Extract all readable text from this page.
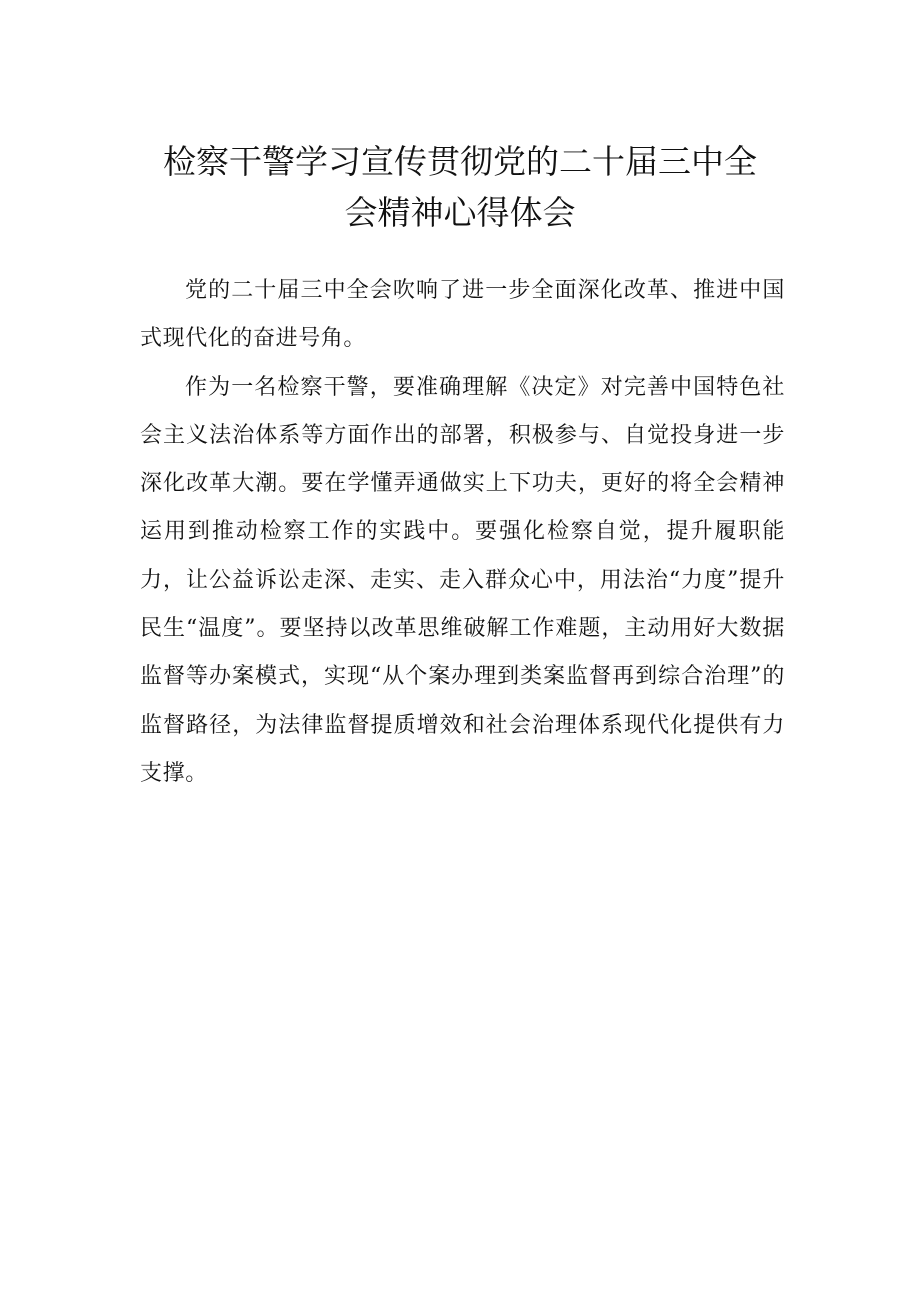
检察干警学习宣传贯彻党的二十届三中全
会精神心得体会

党的二十届三中全会吹响了进一步全面深化改革、推进中国式现代化的奋进号角。

作为一名检察干警，要准确理解《决定》对完善中国特色社会主义法治体系等方面作出的部署，积极参与、自觉投身进一步深化改革大潮。要在学懂弄通做实上下功夫，更好的将全会精神运用到推动检察工作的实践中。要强化检察自觉，提升履职能力，让公益诉讼走深、走实、走入群众心中，用法治“力度”提升民生“温度”。要坚持以改革思维破解工作难题，主动用好大数据监督等办案模式，实现“从个案办理到类案监督再到综合治理”的监督路径，为法律监督提质增效和社会治理体系现代化提供有力支撑。
